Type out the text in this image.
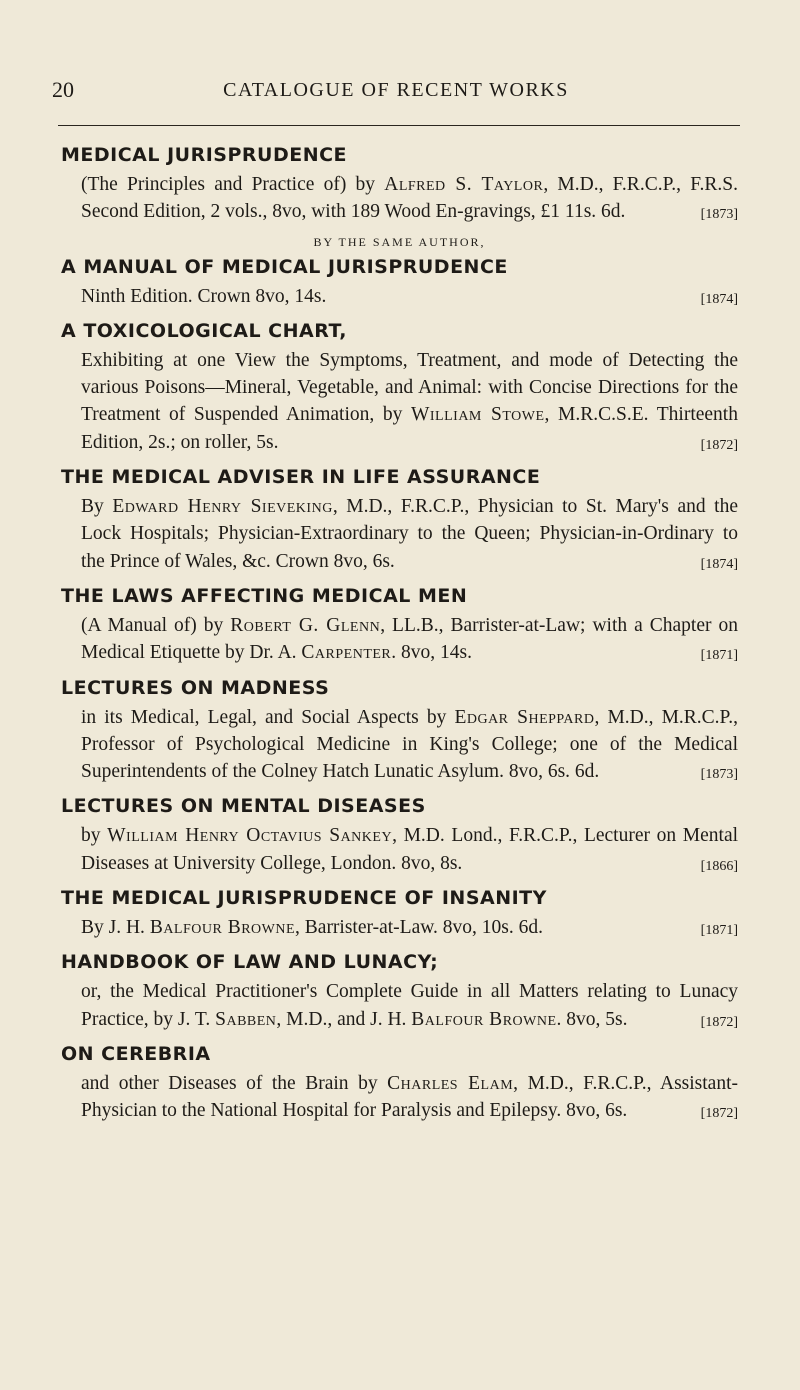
20	CATALOGUE OF RECENT WORKS
MEDICAL JURISPRUDENCE
(The Principles and Practice of) by Alfred S. Taylor, M.D., F.R.C.P., F.R.S. Second Edition, 2 vols., 8vo, with 189 Wood En-gravings, £1 11s. 6d.	[1873]
BY THE SAME AUTHOR,
A MANUAL OF MEDICAL JURISPRUDENCE
Ninth Edition. Crown 8vo, 14s.	[1874]
A TOXICOLOGICAL CHART,
Exhibiting at one View the Symptoms, Treatment, and mode of Detecting the various Poisons—Mineral, Vegetable, and Animal: with Concise Directions for the Treatment of Suspended Animation, by William Stowe, M.R.C.S.E. Thirteenth Edition, 2s.; on roller, 5s.	[1872]
THE MEDICAL ADVISER IN LIFE ASSURANCE
By Edward Henry Sieveking, M.D., F.R.C.P., Physician to St. Mary's and the Lock Hospitals; Physician-Extraordinary to the Queen; Physician-in-Ordinary to the Prince of Wales, &c. Crown 8vo, 6s.	[1874]
THE LAWS AFFECTING MEDICAL MEN
(A Manual of) by Robert G. Glenn, LL.B., Barrister-at-Law; with a Chapter on Medical Etiquette by Dr. A. Carpenter. 8vo, 14s.	[1871]
LECTURES ON MADNESS
in its Medical, Legal, and Social Aspects by Edgar Sheppard, M.D., M.R.C.P., Professor of Psychological Medicine in King's College; one of the Medical Superintendents of the Colney Hatch Lunatic Asylum. 8vo, 6s. 6d.	[1873]
LECTURES ON MENTAL DISEASES
by William Henry Octavius Sankey, M.D. Lond., F.R.C.P., Lecturer on Mental Diseases at University College, London. 8vo, 8s.	[1866]
THE MEDICAL JURISPRUDENCE OF INSANITY
By J. H. Balfour Browne, Barrister-at-Law. 8vo, 10s. 6d.	[1871]
HANDBOOK OF LAW AND LUNACY;
or, the Medical Practitioner's Complete Guide in all Matters relating to Lunacy Practice, by J. T. Sabben, M.D., and J. H. Balfour Browne. 8vo, 5s.	[1872]
ON CEREBRIA
and other Diseases of the Brain by Charles Elam, M.D., F.R.C.P., Assistant-Physician to the National Hospital for Paralysis and Epilepsy. 8vo, 6s.	[1872]
